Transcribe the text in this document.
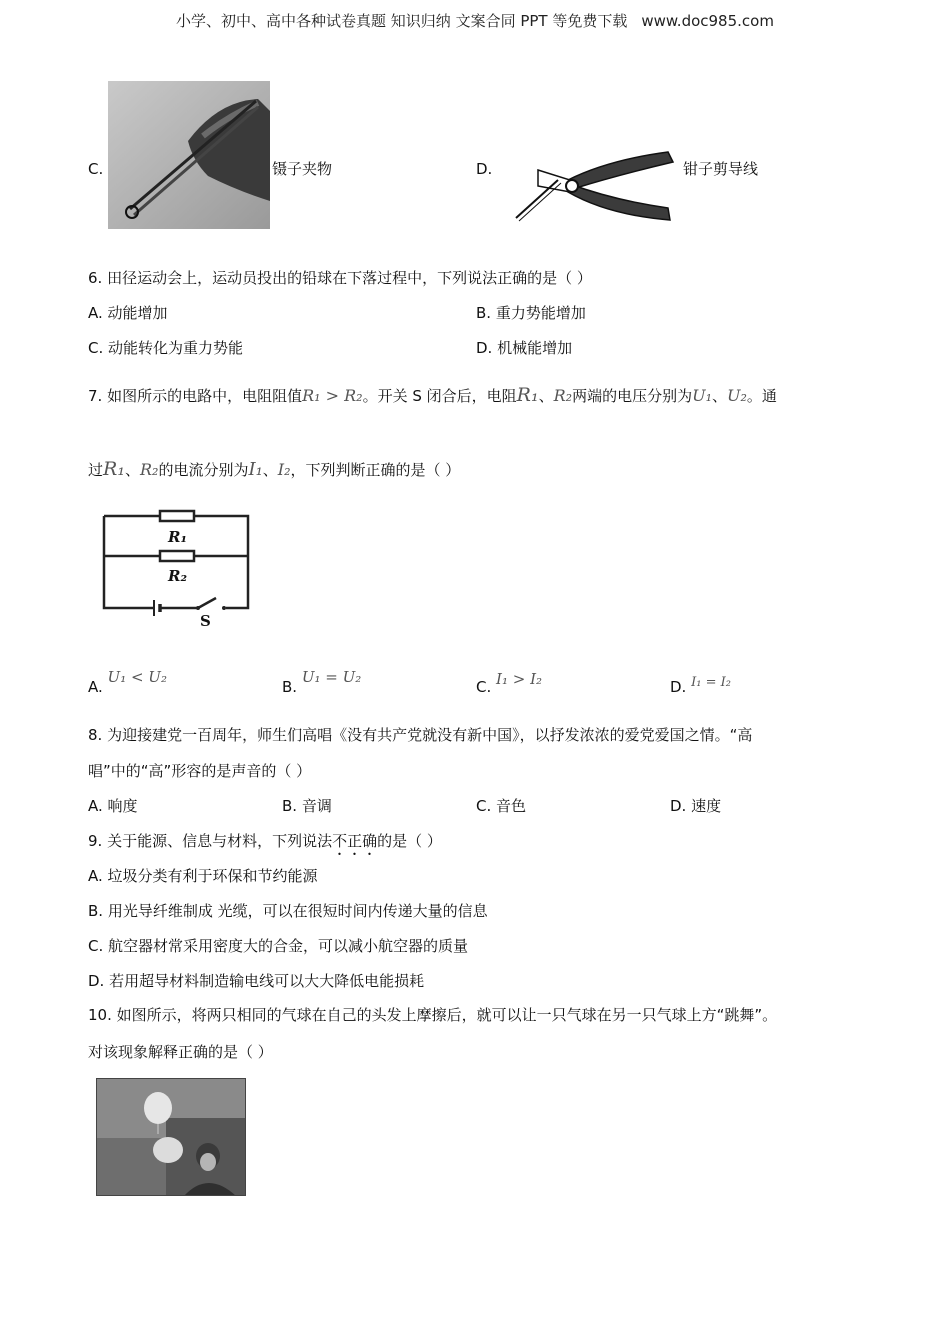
小学、初中、高中各种试卷真题 知识归纳 文案合同 PPT 等免费下载 www.doc985.com
C.	镊子夹物	D.	钳子剪导线
6. 田径运动会上，运动员投出的铅球在下落过程中，下列说法正确的是（ ）
A. 动能增加	B. 重力势能增加
C. 动能转化为重力势能	D. 机械能增加
7. 如图所示的电路中，电阻阻值R₁ > R₂。开关 S 闭合后，电阻R₁、R₂两端的电压分别为U₁、U₂。通
过R₁、R₂的电流分别为I₁、I₂，下列判断正确的是（ ）
R₁
R₂
S
A. U₁ < U₂
B. U₁ = U₂
C. I₁ > I₂	D. I₁ = I₂
8. 为迎接建党一百周年，师生们高唱《没有共产党就没有新中国》，以抒发浓浓的爱党爱国之情。“高
唱”中的“高”形容的是声音的（ ）
A. 响度	B. 音调	C. 音色	D. 速度
9. 关于能源、信息与材料，下列说法不正确的是（ ）
A. 垃圾分类有利于环保和节约能源
B. 用光导纤维制成 光缆，可以在很短时间内传递大量的信息
C. 航空器材常采用密度大的合金，可以减小航空器的质量
D. 若用超导材料制造输电线可以大大降低电能损耗
10. 如图所示，将两只相同的气球在自己的头发上摩擦后，就可以让一只气球在另一只气球上方“跳舞”。
对该现象解释正确的是（ ）
